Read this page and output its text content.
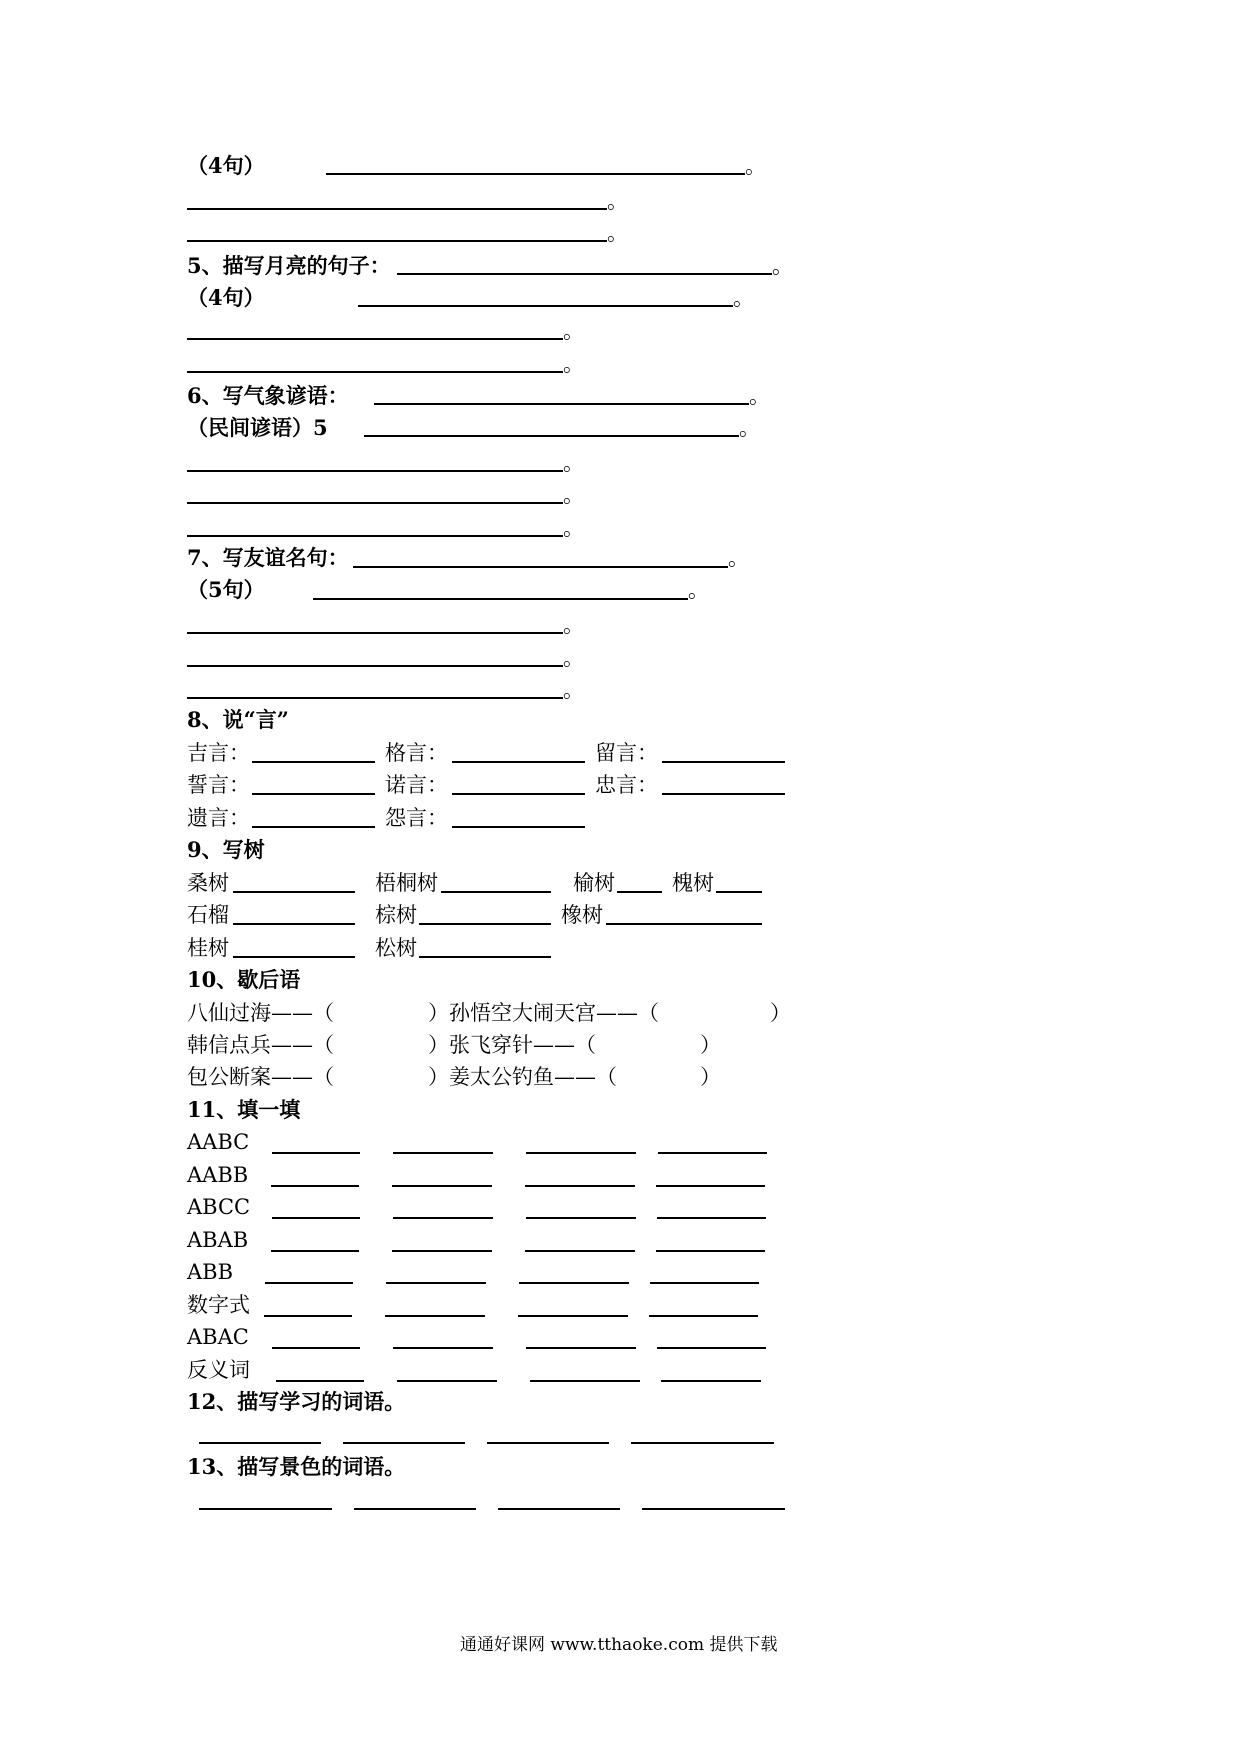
（4句）	。
。
。
5、描写月亮的句子：	。
（4句）	。
。
。
6、写气象谚语：	。
（民间谚语）5	。
。
。
。
7、写友谊名句：	。
（5句）	。
。
。
。
8、说“言”
吉言：	格言：	留言：
誓言：	诺言：	忠言：
遗言：	怨言：
9、写树
桑树	梧桐树	榆树	槐树
石榴	棕树	橡树
桂树	松树
10、歇后语
八仙过海——（	）孙悟空大闹天宫——（	）
韩信点兵——（	）张飞穿针——（	）
包公断案——（	）姜太公钓鱼——（	）
11、填一填
AABC
AABB
ABCC
ABAB
ABB
数字式
ABAC
反义词
12、描写学习的词语。
13、描写景色的词语。
通通好课网 www.tthaoke.com 提供下载
